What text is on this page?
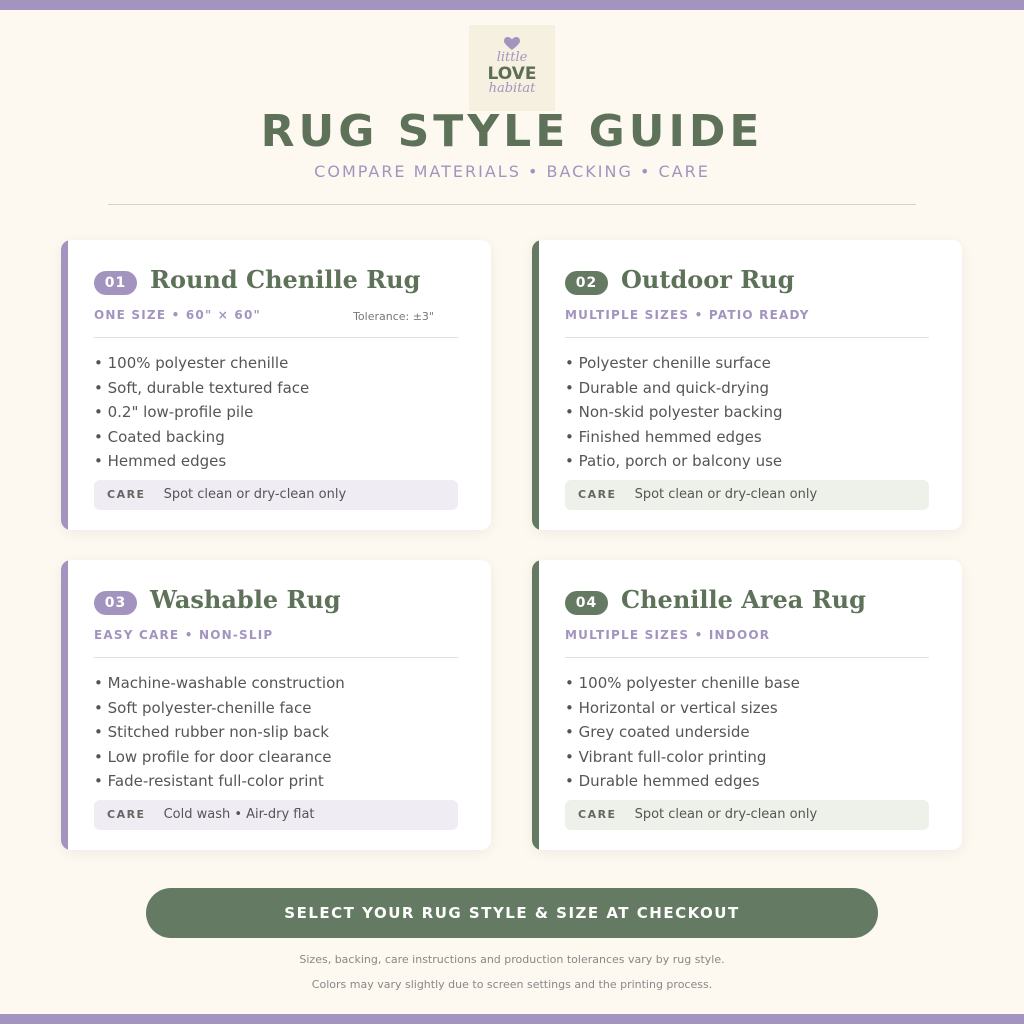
little
LOVE
habitat
RUG STYLE GUIDE
COMPARE MATERIALS • BACKING • CARE
01 Round Chenille Rug
ONE SIZE • 60" × 60"	Tolerance: ±3"
• 100% polyester chenille
• Soft, durable textured face
• 0.2" low-profile pile
• Coated backing
• Hemmed edges
CARE Spot clean or dry-clean only
02 Outdoor Rug
MULTIPLE SIZES • PATIO READY
• Polyester chenille surface
• Durable and quick-drying
• Non-skid polyester backing
• Finished hemmed edges
• Patio, porch or balcony use
CARE Spot clean or dry-clean only
03 Washable Rug
EASY CARE • NON-SLIP
• Machine-washable construction
• Soft polyester-chenille face
• Stitched rubber non-slip back
• Low profile for door clearance
• Fade-resistant full-color print
CARE Cold wash • Air-dry flat
04 Chenille Area Rug
MULTIPLE SIZES • INDOOR
• 100% polyester chenille base
• Horizontal or vertical sizes
• Grey coated underside
• Vibrant full-color printing
• Durable hemmed edges
CARE Spot clean or dry-clean only
SELECT YOUR RUG STYLE & SIZE AT CHECKOUT
Sizes, backing, care instructions and production tolerances vary by rug style.
Colors may vary slightly due to screen settings and the printing process.
